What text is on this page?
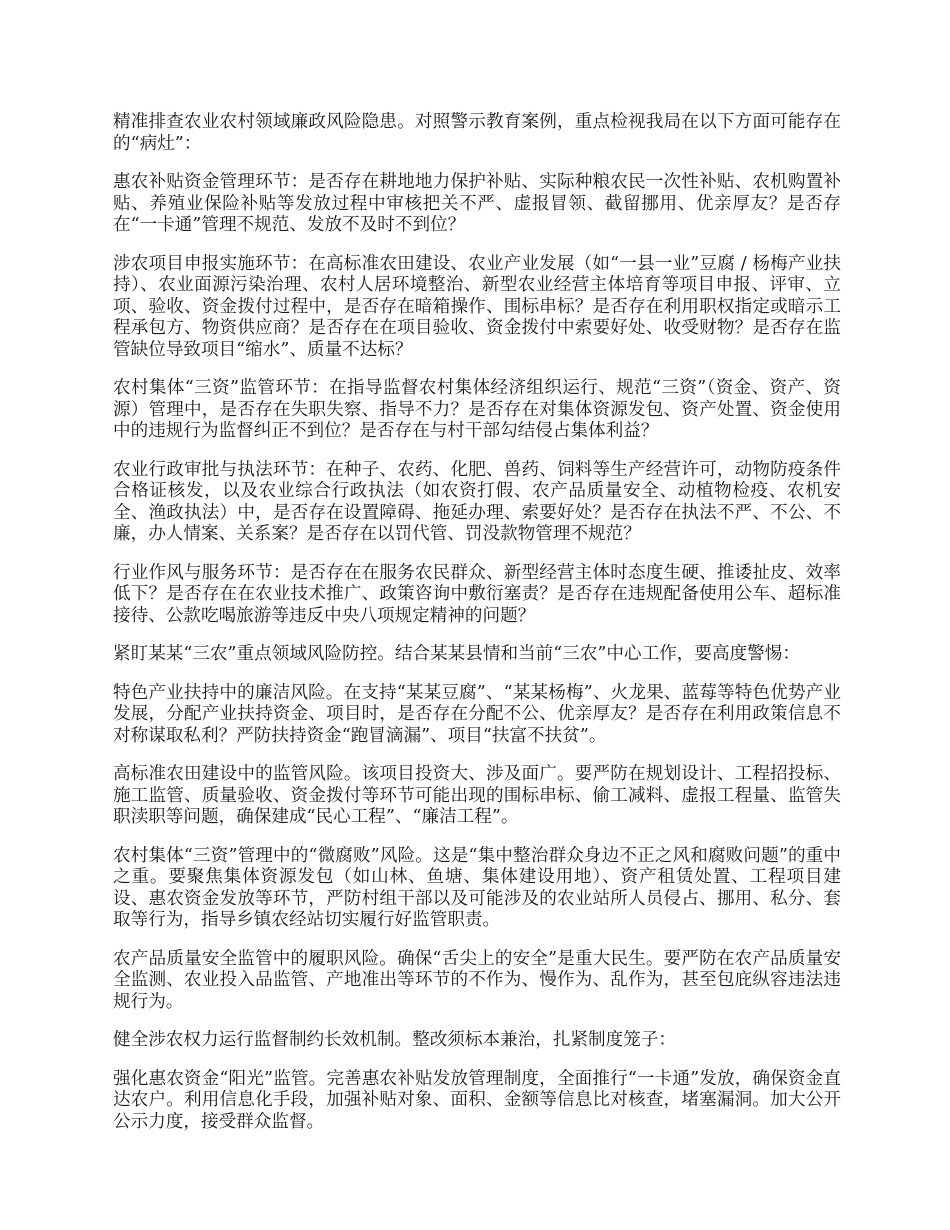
精准排查农业农村领域廉政风险隐患。对照警示教育案例，重点检视我局在以下方面可能存在的“病灶”：

惠农补贴资金管理环节：是否存在耕地地力保护补贴、实际种粮农民一次性补贴、农机购置补贴、养殖业保险补贴等发放过程中审核把关不严、虚报冒领、截留挪用、优亲厚友？是否存在“一卡通”管理不规范、发放不及时不到位？

涉农项目申报实施环节：在高标准农田建设、农业产业发展（如“一县一业”豆腐 / 杨梅产业扶持）、农业面源污染治理、农村人居环境整治、新型农业经营主体培育等项目申报、评审、立项、验收、资金拨付过程中，是否存在暗箱操作、围标串标？是否存在利用职权指定或暗示工程承包方、物资供应商？是否存在在项目验收、资金拨付中索要好处、收受财物？是否存在监管缺位导致项目“缩水”、质量不达标？

农村集体“三资”监管环节：在指导监督农村集体经济组织运行、规范“三资”（资金、资产、资源）管理中，是否存在失职失察、指导不力？是否存在对集体资源发包、资产处置、资金使用中的违规行为监督纠正不到位？是否存在与村干部勾结侵占集体利益？

农业行政审批与执法环节：在种子、农药、化肥、兽药、饲料等生产经营许可，动物防疫条件合格证核发，以及农业综合行政执法（如农资打假、农产品质量安全、动植物检疫、农机安全、渔政执法）中，是否存在设置障碍、拖延办理、索要好处？是否存在执法不严、不公、不廉，办人情案、关系案？是否存在以罚代管、罚没款物管理不规范？

行业作风与服务环节：是否存在在服务农民群众、新型经营主体时态度生硬、推诿扯皮、效率低下？是否存在在农业技术推广、政策咨询中敷衍塞责？是否存在违规配备使用公车、超标准接待、公款吃喝旅游等违反中央八项规定精神的问题？

紧盯某某“三农”重点领域风险防控。结合某某县情和当前“三农”中心工作，要高度警惕：

特色产业扶持中的廉洁风险。在支持“某某豆腐”、“某某杨梅”、火龙果、蓝莓等特色优势产业发展，分配产业扶持资金、项目时，是否存在分配不公、优亲厚友？是否存在利用政策信息不对称谋取私利？严防扶持资金“跑冒滴漏”、项目“扶富不扶贫”。

高标准农田建设中的监管风险。该项目投资大、涉及面广。要严防在规划设计、工程招投标、施工监管、质量验收、资金拨付等环节可能出现的围标串标、偷工减料、虚报工程量、监管失职渎职等问题，确保建成“民心工程”、“廉洁工程”。

农村集体“三资”管理中的“微腐败”风险。这是“集中整治群众身边不正之风和腐败问题”的重中之重。要聚焦集体资源发包（如山林、鱼塘、集体建设用地）、资产租赁处置、工程项目建设、惠农资金发放等环节，严防村组干部以及可能涉及的农业站所人员侵占、挪用、私分、套取等行为，指导乡镇农经站切实履行好监管职责。

农产品质量安全监管中的履职风险。确保“舌尖上的安全”是重大民生。要严防在农产品质量安全监测、农业投入品监管、产地准出等环节的不作为、慢作为、乱作为，甚至包庇纵容违法违规行为。

健全涉农权力运行监督制约长效机制。整改须标本兼治，扎紧制度笼子：

强化惠农资金“阳光”监管。完善惠农补贴发放管理制度，全面推行“一卡通”发放，确保资金直达农户。利用信息化手段，加强补贴对象、面积、金额等信息比对核查，堵塞漏洞。加大公开公示力度，接受群众监督。
